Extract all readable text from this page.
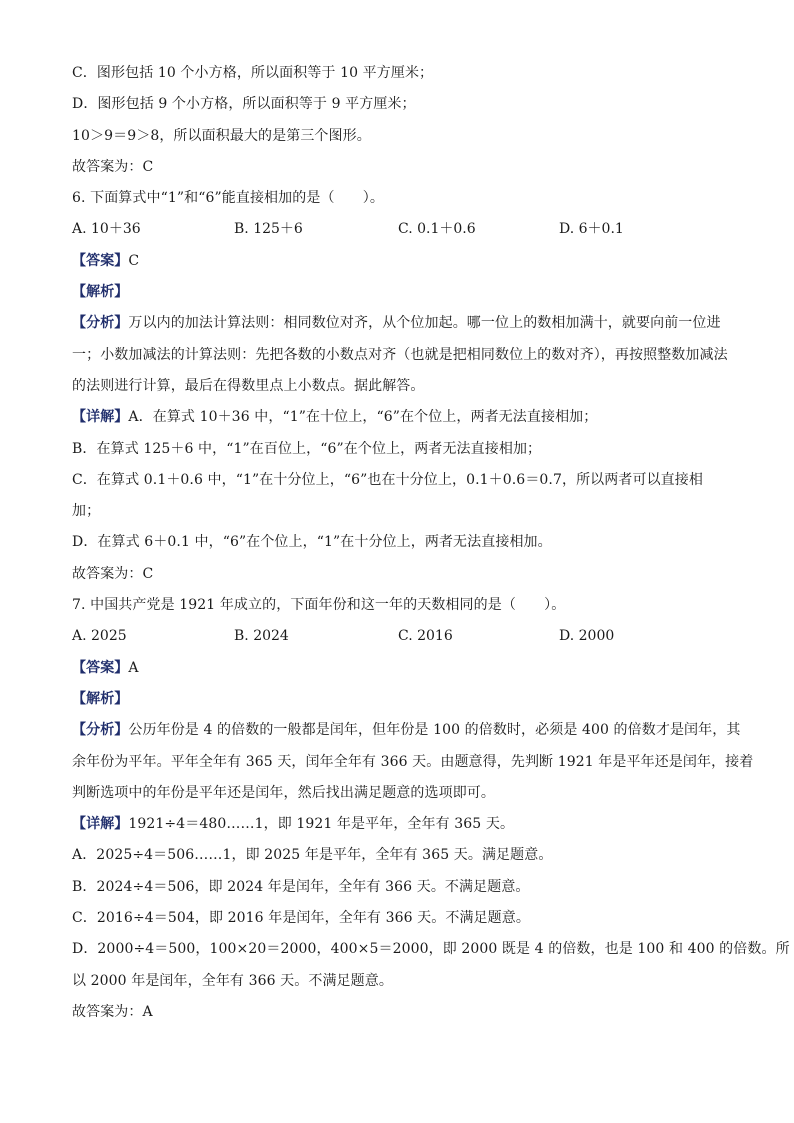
C．图形包括 10 个小方格，所以面积等于 10 平方厘米；
D．图形包括 9 个小方格，所以面积等于 9 平方厘米；
10＞9＝9＞8，所以面积最大的是第三个图形。
故答案为：C
6. 下面算式中“1”和“6”能直接相加的是（　　）。
A. 10＋36	B. 125＋6	C. 0.1＋0.6	D. 6＋0.1
【答案】C
【解析】
【分析】万以内的加法计算法则：相同数位对齐，从个位加起。哪一位上的数相加满十，就要向前一位进
一；小数加减法的计算法则：先把各数的小数点对齐（也就是把相同数位上的数对齐），再按照整数加减法
的法则进行计算，最后在得数里点上小数点。据此解答。
【详解】A．在算式 10＋36 中，“1”在十位上，“6”在个位上，两者无法直接相加；
B．在算式 125＋6 中，“1”在百位上，“6”在个位上，两者无法直接相加；
C．在算式 0.1＋0.6 中，“1”在十分位上，“6”也在十分位上，0.1＋0.6＝0.7，所以两者可以直接相
加；
D．在算式 6＋0.1 中，“6”在个位上，“1”在十分位上，两者无法直接相加。
故答案为：C
7. 中国共产党是 1921 年成立的，下面年份和这一年的天数相同的是（　　）。
A. 2025	B. 2024	C. 2016	D. 2000
【答案】A
【解析】
【分析】公历年份是 4 的倍数的一般都是闰年，但年份是 100 的倍数时，必须是 400 的倍数才是闰年，其
余年份为平年。平年全年有 365 天，闰年全年有 366 天。由题意得，先判断 1921 年是平年还是闰年，接着
判断选项中的年份是平年还是闰年，然后找出满足题意的选项即可。
【详解】1921÷4＝480……1，即 1921 年是平年，全年有 365 天。
A．2025÷4＝506……1，即 2025 年是平年，全年有 365 天。满足题意。
B．2024÷4＝506，即 2024 年是闰年，全年有 366 天。不满足题意。
C．2016÷4＝504，即 2016 年是闰年，全年有 366 天。不满足题意。
D．2000÷4＝500，100×20＝2000，400×5＝2000，即 2000 既是 4 的倍数，也是 100 和 400 的倍数。所
以 2000 年是闰年，全年有 366 天。不满足题意。
故答案为：A
